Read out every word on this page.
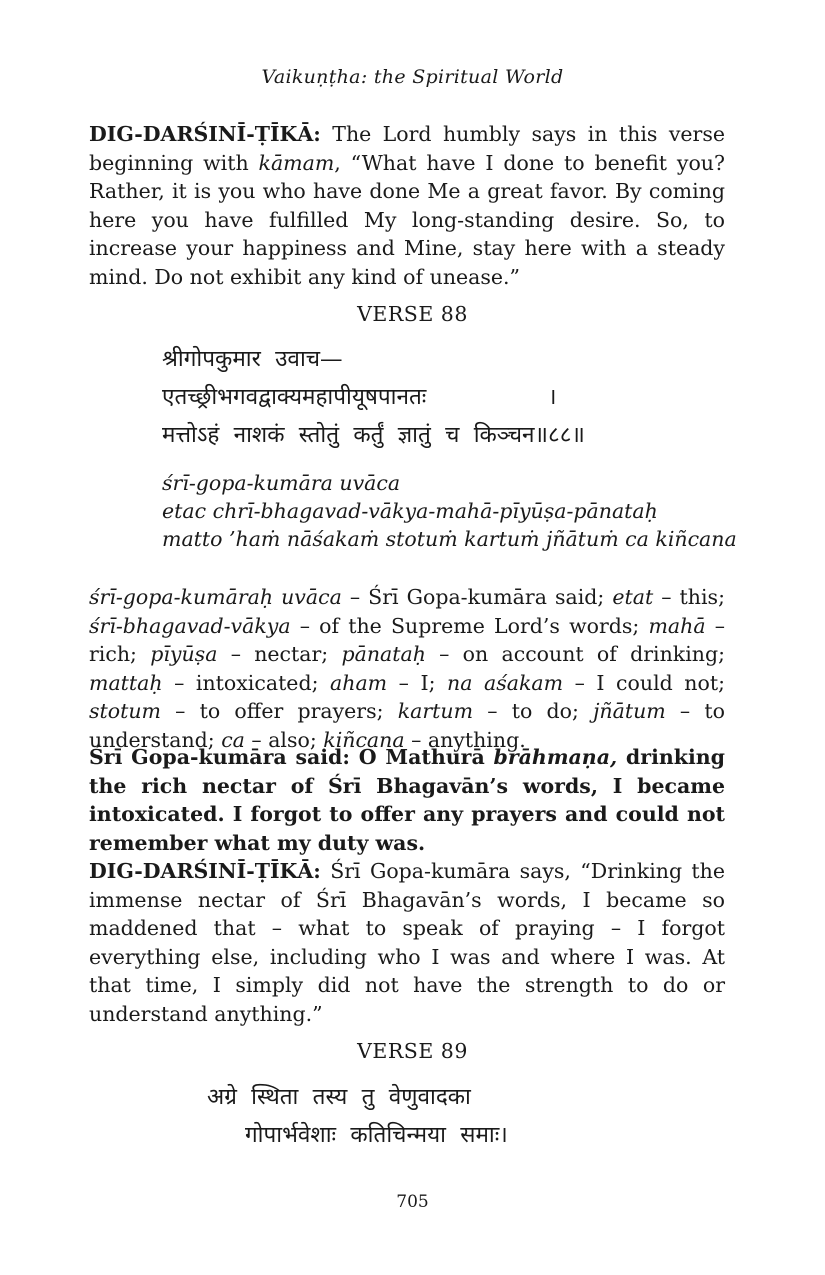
Vaikuṇṭha: the Spiritual World

DIG-DARŚINĪ-ṬĪKĀ: The Lord humbly says in this verse beginning with kāmam, “What have I done to benefit you? Rather, it is you who have done Me a great favor. By coming here you have fulfilled My long-standing desire. So, to increase your happiness and Mine, stay here with a steady mind. Do not exhibit any kind of unease.”

VERSE 88
श्रीगोपकुमार  उवाच—
एतच्छ्रीभगवद्वाक्यमहापीयूषपानतः                 ।
मत्तोऽहं  नाशकं  स्तोतुं  कर्तुं  ज्ञातुं  च  किञ्चन॥८८॥
śrī-gopa-kumāra uvāca
etac chrī-bhagavad-vākya-mahā-pīyūṣa-pānataḥ
matto ’haṁ nāśakaṁ stotuṁ kartuṁ jñātuṁ ca kiñcana

śrī-gopa-kumāraḥ uvāca – Śrī Gopa-kumāra said; etat – this; śrī-bhagavad-vākya – of the Supreme Lord’s words; mahā – rich; pīyūṣa – nectar; pānataḥ – on account of drinking; mattaḥ – intoxicated; aham – I; na aśakam – I could not; stotum – to offer prayers; kartum – to do; jñātum – to understand; ca – also; kiñcana – anything.

Śrī Gopa-kumāra said: O Mathurā brāhmaṇa, drinking the rich nectar of Śrī Bhagavān’s words, I became intoxicated. I forgot to offer any prayers and could not remember what my duty was.

DIG-DARŚINĪ-ṬĪKĀ: Śrī Gopa-kumāra says, “Drinking the immense nectar of Śrī Bhagavān’s words, I became so maddened that – what to speak of praying – I forgot everything else, including who I was and where I was. At that time, I simply did not have the strength to do or understand anything.”

VERSE 89
अग्रे  स्थिता  तस्य  तु  वेणुवादका
गोपार्भवेशाः  कतिचिन्मया  समाः।
705
